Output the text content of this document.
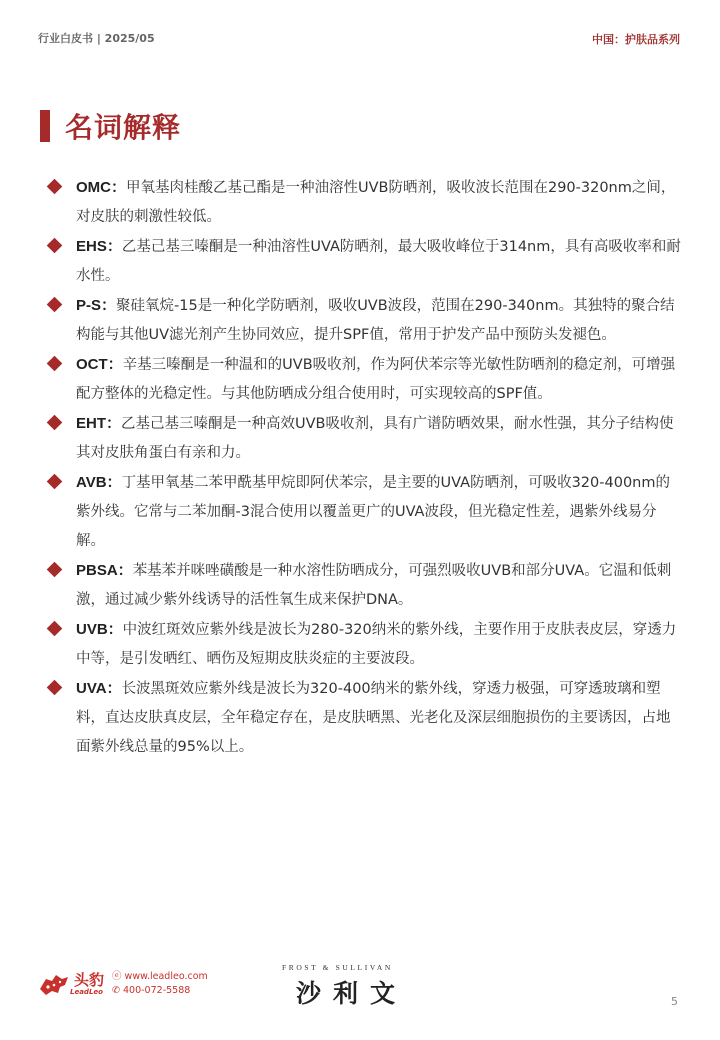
行业白皮书 | 2025/05	中国：护肤品系列
名词解释
OMC：甲氧基肉桂酸乙基己酯是一种油溶性UVB防晒剂，吸收波长范围在290-320nm之间，对皮肤的刺激性较低。
EHS：乙基己基三嗪酮是一种油溶性UVA防晒剂，最大吸收峰位于314nm，具有高吸收率和耐水性。
P-S：聚硅氧烷-15是一种化学防晒剂，吸收UVB波段，范围在290-340nm。其独特的聚合结构能与其他UV滤光剂产生协同效应，提升SPF值，常用于护发产品中预防头发褪色。
OCT：辛基三嗪酮是一种温和的UVB吸收剂，作为阿伏苯宗等光敏性防晒剂的稳定剂，可增强配方整体的光稳定性。与其他防晒成分组合使用时，可实现较高的SPF值。
EHT：乙基己基三嗪酮是一种高效UVB吸收剂，具有广谱防晒效果，耐水性强，其分子结构使其对皮肤角蛋白有亲和力。
AVB：丁基甲氧基二苯甲酰基甲烷即阿伏苯宗，是主要的UVA防晒剂，可吸收320-400nm的紫外线。它常与二苯加酮-3混合使用以覆盖更广的UVA波段，但光稳定性差，遇紫外线易分解。
PBSA：苯基苯并咪唑磺酸是一种水溶性防晒成分，可强烈吸收UVB和部分UVA。它温和低刺激，通过减少紫外线诱导的活性氧生成来保护DNA。
UVB：中波红斑效应紫外线是波长为280-320纳米的紫外线，主要作用于皮肤表皮层，穿透力中等，是引发晒红、晒伤及短期皮肤炎症的主要波段。
UVA：长波黑斑效应紫外线是波长为320-400纳米的紫外线，穿透力极强，可穿透玻璃和塑料，直达皮肤真皮层，全年稳定存在，是皮肤晒黑、光老化及深层细胞损伤的主要诱因，占地面紫外线总量的95%以上。
头豹
LeadLeo
ⓔ www.leadleo.com
✆ 400-072-5588
FROST & SULLIVAN
沙利文	5
